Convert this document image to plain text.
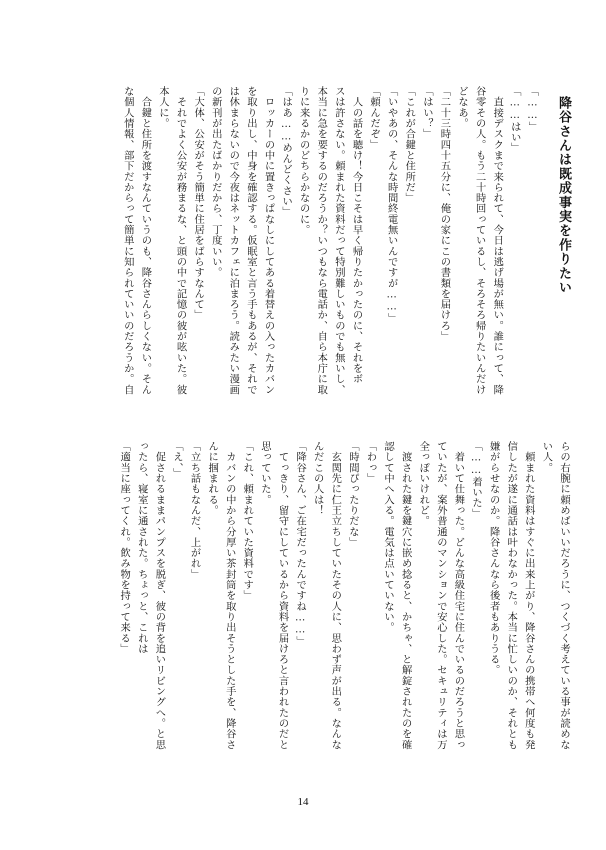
降谷さんは既成事実を作りたい
「……」
「……はい」
　直接デスクまで来られて、今日は逃げ場が無い。誰にって、降
谷零その人。もう二十時回っているし、そろそろ帰りたいんだけ
どなあ。
「二十三時四十五分に、俺の家にこの書類を届けろ」
「はい？」
「これが合鍵と住所だ」
「いやあの、そんな時間終電無いんですが……」
「頼んだぞ」
　人の話を聴け！今日こそは早く帰りたかったのに、それをボ
スは許さない。頼まれた資料だって特別難しいものでも無いし、
本当に急を要するのだろうか？いつもなら電話か、自ら本庁に取
りに来るかのどちらかなのに。
「はあ……めんどくさい」
　ロッカーの中に置きっぱなしにしてある着替えの入ったカバン
を取り出し、中身を確認する。仮眠室と言う手もあるが、それで
は休まらないので今夜はネットカフェに泊まろう。読みたい漫画
の新刊が出たばかりだから、丁度いい。
「大体、公安がそう簡単に住居をばらすなんて」
　それでよく公安が務まるな、と頭の中で記憶の彼が呟いた。彼
本人に。
　合鍵と住所を渡すなんていうのも、降谷さんらしくない。そん
な個人情報、部下だからって簡単に知られていいのだろうか。自
らの右腕に頼めばいいだろうに、つくづく考えている事が読めな
い人。
　頼まれた資料はすぐに出来上がり、降谷さんの携帯へ何度も発
信したが遂に通話は叶わなかった。本当に忙しいのか、それとも
嫌がらせなのか。降谷さんなら後者もありうる。
「……着いた」
　着いて仕舞った。どんな高級住宅に住んでいるのだろうと思っ
ていたが、案外普通のマンションで安心した。セキュリティは万
全っぽいけれど。
　渡された鍵を鍵穴に嵌め捻ると、かちゃ、と解錠されたのを確
認して中へ入る。電気は点いていない。
「わっ」
「時間ぴったりだな」
　玄関先に仁王立ちしていたその人に、思わず声が出る。なんな
んだこの人は！
「降谷さん、ご在宅だったんですね……」
　てっきり、留守にしているから資料を届けろと言われたのだと
思っていた。
「これ、頼まれていた資料です」
　カバンの中から分厚い茶封筒を取り出そうとした手を、降谷さ
んに掴まれる。
「立ち話もなんだ、上がれ」
「え、」
　促されるままパンプスを脱ぎ、彼の背を追いリビングへ。と思
ったら、寝室に通された。ちょっと、これは
「適当に座ってくれ。飲み物を持って来る」
14
